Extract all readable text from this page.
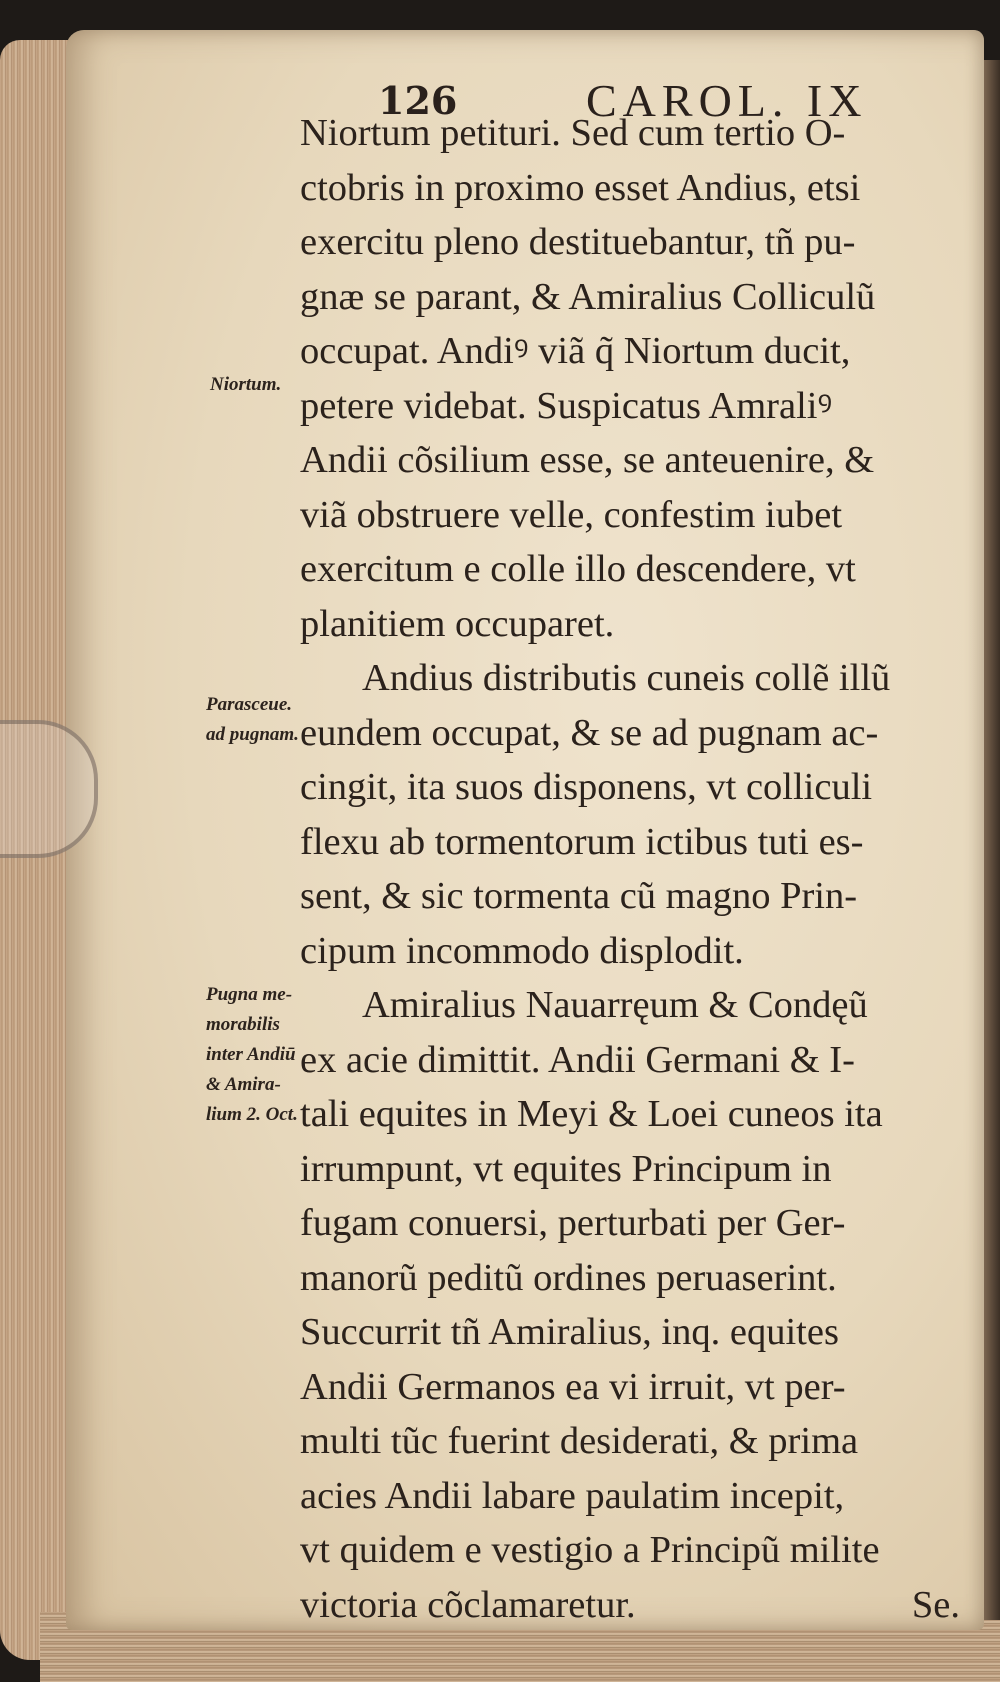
126	CAROL. IX
Niortum.
Parasceue.
ad pugnam.
Pugna me-
morabilis
inter Andiū
& Amira-
lium 2. Oct.
Niortum petituri. Sed cum tertio O-
ctobris in proximo esset Andius, etsi
exercitu pleno destituebantur, tñ pu-
gnæ se parant, & Amiralius Colliculũ
occupat. Andiꝰ viã q̃ Niortum ducit,
petere videbat. Suspicatus Amraliꝰ
Andii cõsilium esse, se anteuenire, &
viã obstruere velle, confestim iubet
exercitum e colle illo descendere, vt
planitiem occuparet.
Andius distributis cuneis collẽ illũ
eundem occupat, & se ad pugnam ac-
cingit, ita suos disponens, vt colliculi
flexu ab tormentorum ictibus tuti es-
sent, & sic tormenta cũ magno Prin-
cipum incommodo displodit.
Amiralius Nauarręum & Condęũ
ex acie dimittit. Andii Germani & I-
tali equites in Meyi & Loei cuneos ita
irrumpunt, vt equites Principum in
fugam conuersi, perturbati per Ger-
manorũ peditũ ordines peruaserint.
Succurrit tñ Amiralius, inq. equites
Andii Germanos ea vi irruit, vt per-
multi tũc fuerint desiderati, & prima
acies Andii labare paulatim incepit,
vt quidem e vestigio a Principũ milite
victoria cõclamaretur.	Se.
